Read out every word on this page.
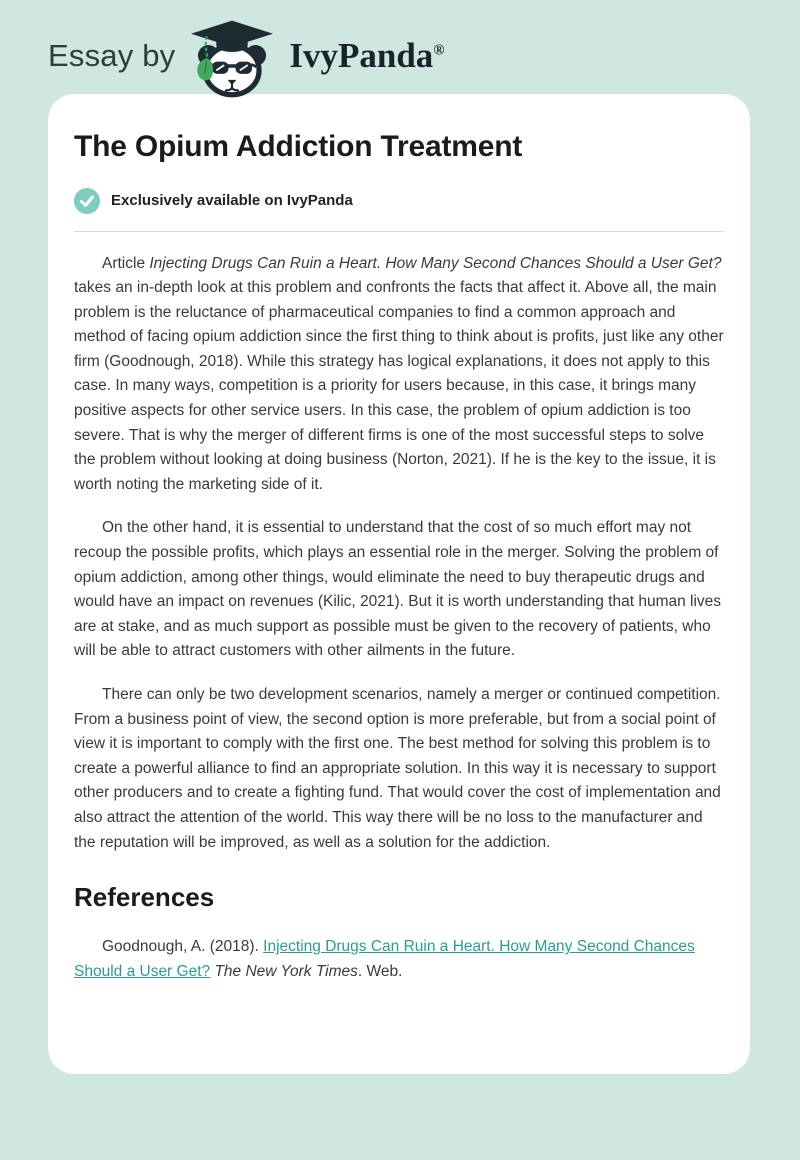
Essay by	IvyPanda®
The Opium Addiction Treatment
Exclusively available on IvyPanda

Article Injecting Drugs Can Ruin a Heart. How Many Second Chances Should a User Get? takes an in-depth look at this problem and confronts the facts that affect it. Above all, the main problem is the reluctance of pharmaceutical companies to find a common approach and method of facing opium addiction since the first thing to think about is profits, just like any other firm (Goodnough, 2018). While this strategy has logical explanations, it does not apply to this case. In many ways, competition is a priority for users because, in this case, it brings many positive aspects for other service users. In this case, the problem of opium addiction is too severe. That is why the merger of different firms is one of the most successful steps to solve the problem without looking at doing business (Norton, 2021). If he is the key to the issue, it is worth noting the marketing side of it.

On the other hand, it is essential to understand that the cost of so much effort may not recoup the possible profits, which plays an essential role in the merger. Solving the problem of opium addiction, among other things, would eliminate the need to buy therapeutic drugs and would have an impact on revenues (Kilic, 2021). But it is worth understanding that human lives are at stake, and as much support as possible must be given to the recovery of patients, who will be able to attract customers with other ailments in the future.

There can only be two development scenarios, namely a merger or continued competition. From a business point of view, the second option is more preferable, but from a social point of view it is important to comply with the first one. The best method for solving this problem is to create a powerful alliance to find an appropriate solution. In this way it is necessary to support other producers and to create a fighting fund. That would cover the cost of implementation and also attract the attention of the world. This way there will be no loss to the manufacturer and the reputation will be improved, as well as a solution for the addiction.

References

Goodnough, A. (2018). Injecting Drugs Can Ruin a Heart. How Many Second Chances Should a User Get? The New York Times. Web.
